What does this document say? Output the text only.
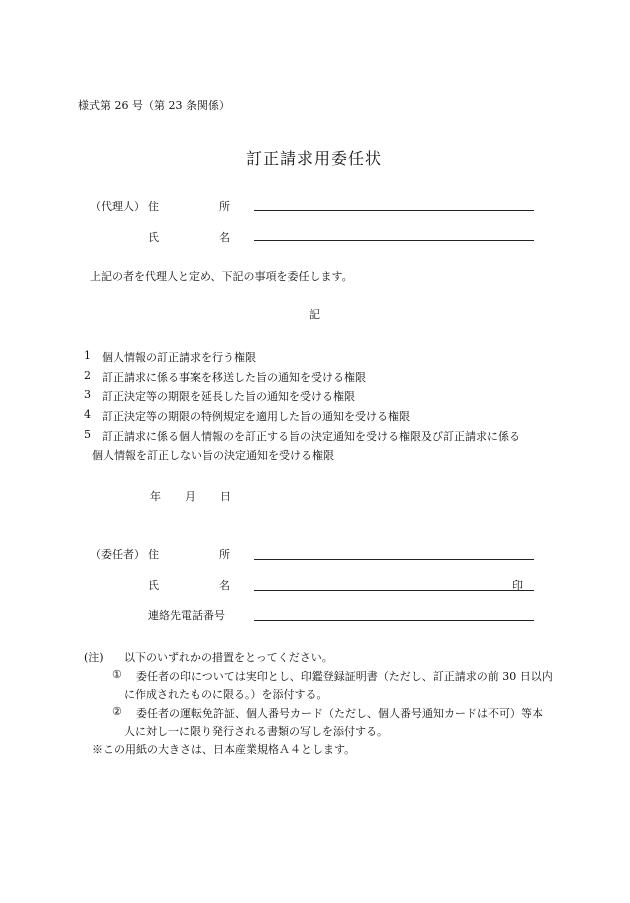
様式第 26 号（第 23 条関係）
訂正請求用委任状
（代理人） 住	所
氏	名
上記の者を代理人と定め、下記の事項を委任します。
記
1 個人情報の訂正請求を行う権限
2 訂正請求に係る事案を移送した旨の通知を受ける権限
3 訂正決定等の期限を延長した旨の通知を受ける権限
4 訂正決定等の期限の特例規定を適用した旨の通知を受ける権限
5 訂正請求に係る個人情報のを訂正する旨の決定通知を受ける権限及び訂正請求に係る
個人情報を訂正しない旨の決定通知を受ける権限
年 月 日
（委任者） 住	所
氏	名	印
連絡先電話番号
(注) 以下のいずれかの措置をとってください。
① 委任者の印については実印とし、印鑑登録証明書（ただし、訂正請求の前 30 日以内
に作成されたものに限る。）を添付する。
② 委任者の運転免許証、個人番号カード（ただし、個人番号通知カードは不可）等本
人に対し一に限り発行される書類の写しを添付する。
※この用紙の大きさは、日本産業規格Ａ４とします。
